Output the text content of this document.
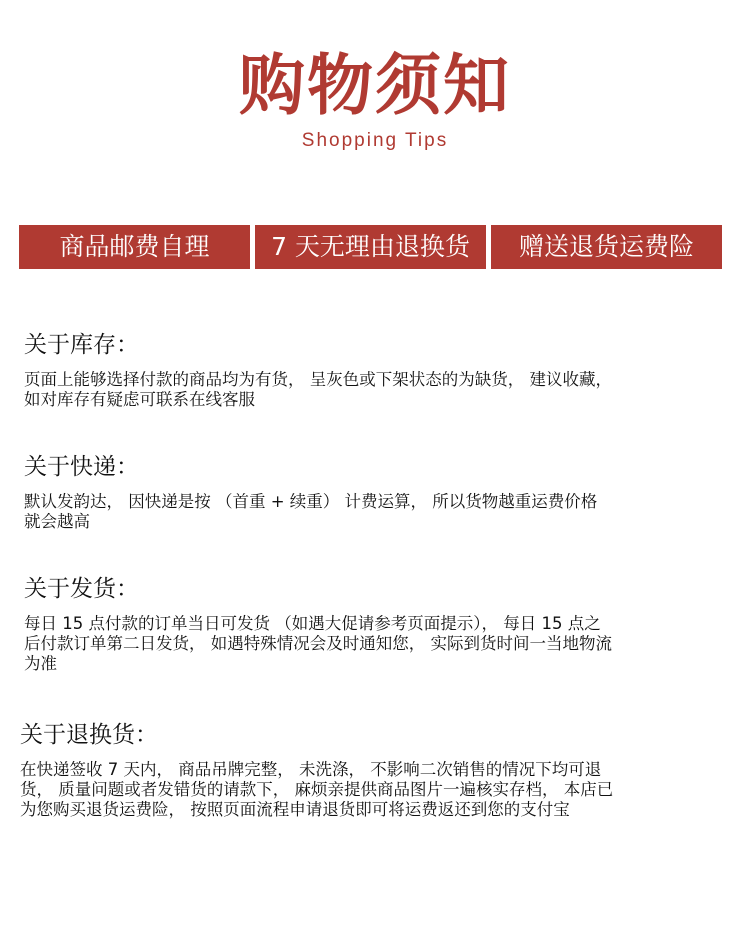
购物须知
Shopping Tips
商品邮费自理	7 天无理由退换货	赠送退货运费险
关于库存：
页面上能够选择付款的商品均为有货， 呈灰色或下架状态的为缺货， 建议收藏，
如对库存有疑虑可联系在线客服
关于快递：
默认发韵达， 因快递是按 （首重 + 续重） 计费运算， 所以货物越重运费价格
就会越高
关于发货：
每日 15 点付款的订单当日可发货 （如遇大促请参考页面提示）， 每日 15 点之
后付款订单第二日发货， 如遇特殊情况会及时通知您， 实际到货时间一当地物流
为准
关于退换货：
在快递签收 7 天内， 商品吊牌完整， 未洗涤， 不影响二次销售的情况下均可退
货， 质量问题或者发错货的请款下， 麻烦亲提供商品图片一遍核实存档， 本店已
为您购买退货运费险， 按照页面流程申请退货即可将运费返还到您的支付宝
